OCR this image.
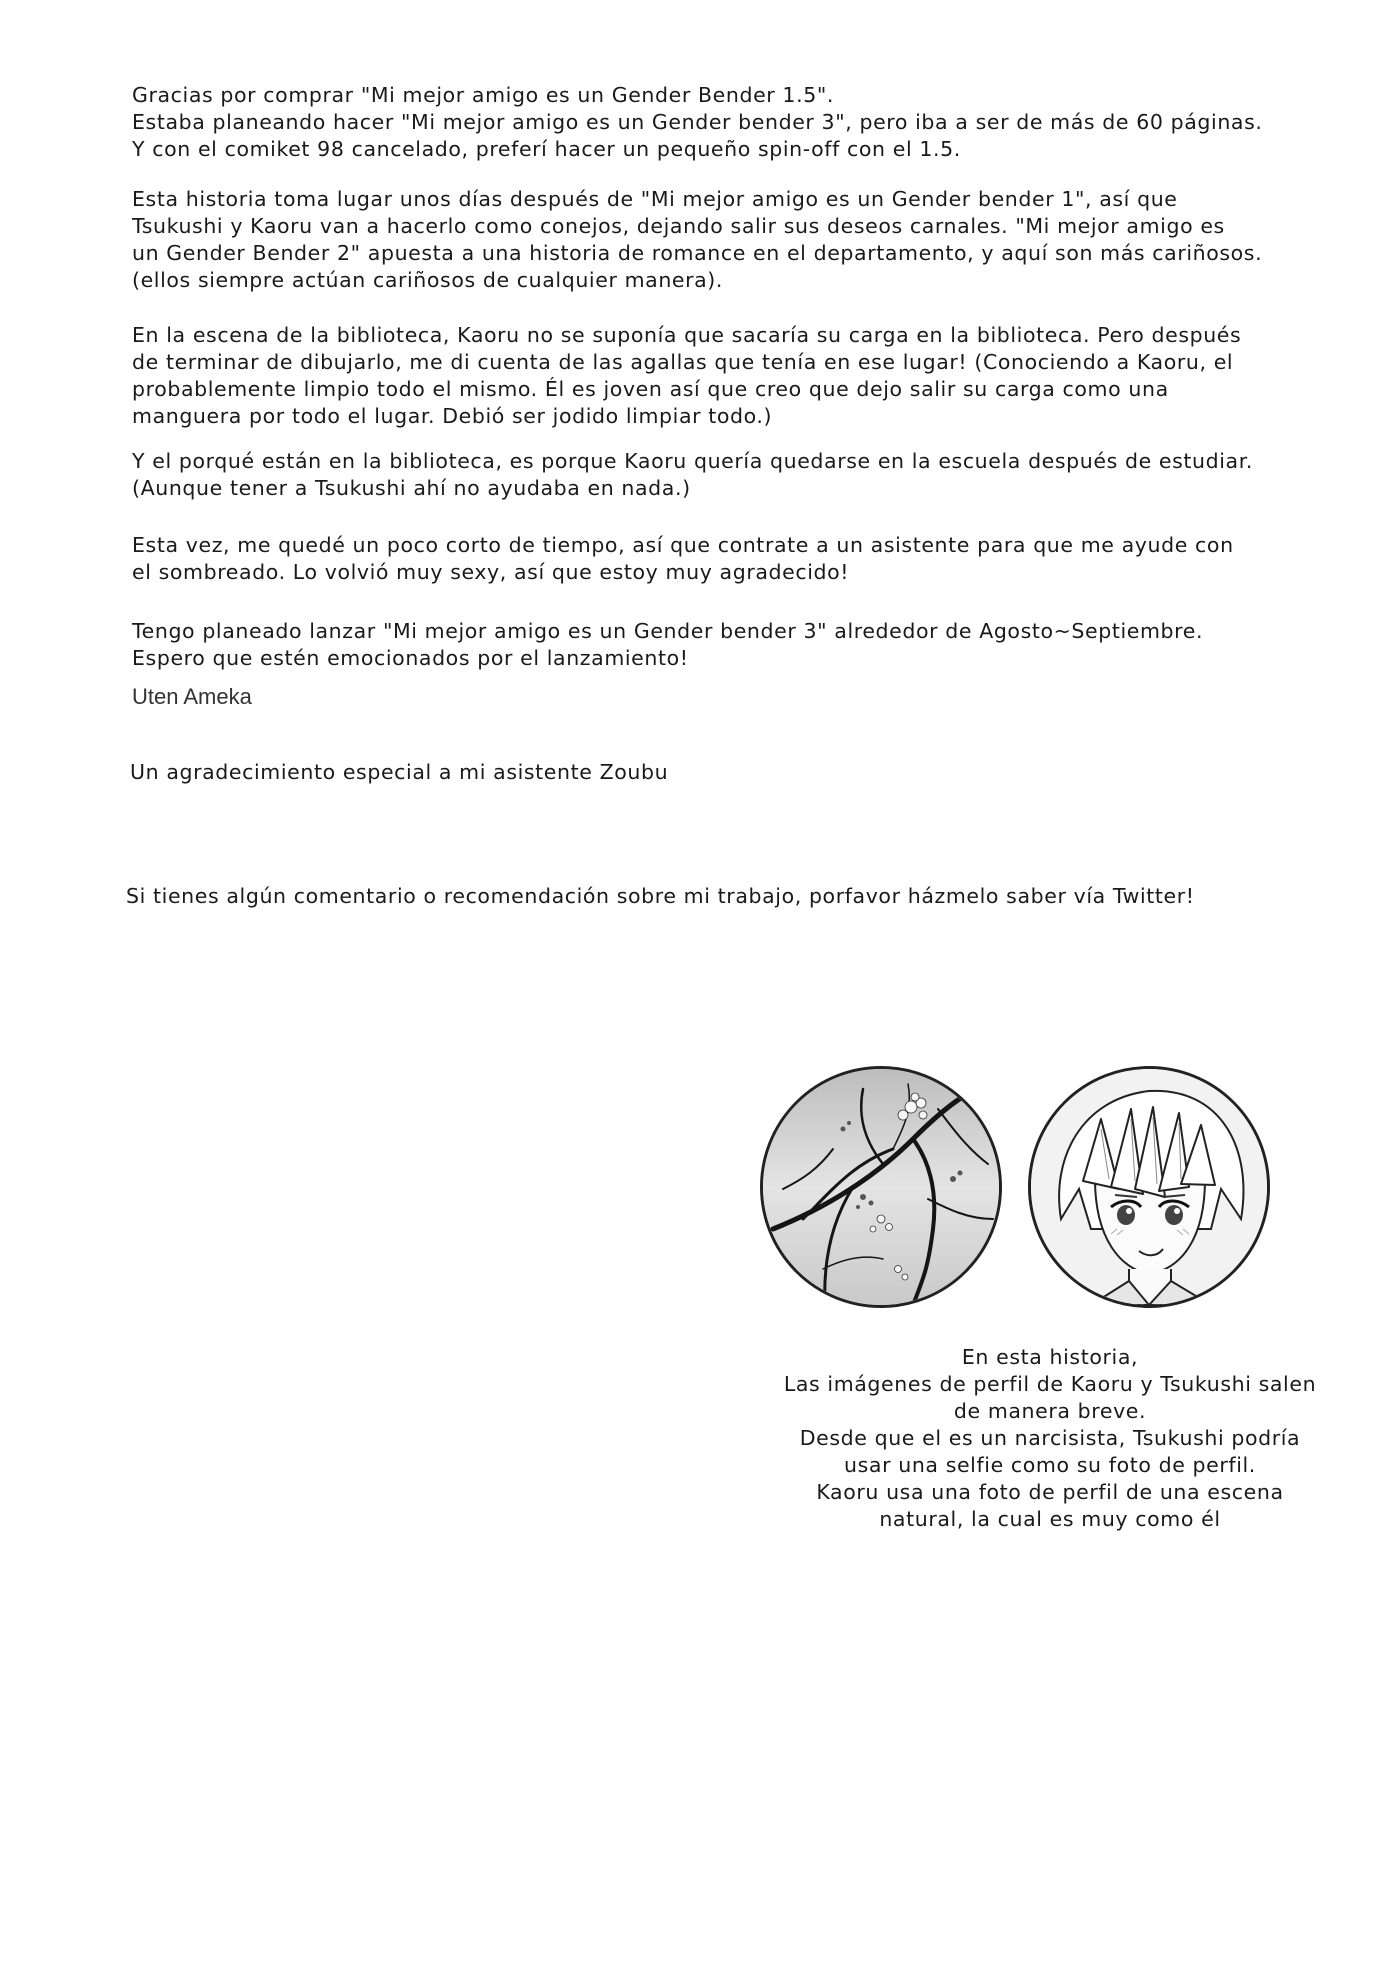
Gracias por comprar "Mi mejor amigo es un Gender Bender 1.5".
Estaba planeando hacer "Mi mejor amigo es un Gender bender 3", pero iba a ser de más de 60 páginas.
Y con el comiket 98 cancelado, preferí hacer un pequeño spin-off con el 1.5.
Esta historia toma lugar unos días después de "Mi mejor amigo es un Gender bender 1", así que
Tsukushi y Kaoru van a hacerlo como conejos, dejando salir sus deseos carnales. "Mi mejor amigo es
un Gender Bender 2" apuesta a una historia de romance en el departamento, y aquí son más cariñosos.
(ellos siempre actúan cariñosos de cualquier manera).
En la escena de la biblioteca, Kaoru no se suponía que sacaría su carga en la biblioteca. Pero después
de terminar de dibujarlo, me di cuenta de las agallas que tenía en ese lugar! (Conociendo a Kaoru, el
probablemente limpio todo el mismo. Él es joven así que creo que dejo salir su carga como una
manguera por todo el lugar. Debió ser jodido limpiar todo.)
Y el porqué están en la biblioteca, es porque Kaoru quería quedarse en la escuela después de estudiar.
(Aunque tener a Tsukushi ahí no ayudaba en nada.)
Esta vez, me quedé un poco corto de tiempo, así que contrate a un asistente para que me ayude con
el sombreado. Lo volvió muy sexy, así que estoy muy agradecido!
Tengo planeado lanzar "Mi mejor amigo es un Gender bender 3" alrededor de Agosto~Septiembre.
Espero que estén emocionados por el lanzamiento!
Uten Ameka
Un agradecimiento especial a mi asistente Zoubu
Si tienes algún comentario o recomendación sobre mi trabajo, porfavor házmelo saber vía Twitter!
En esta historia,
Las imágenes de perfil de Kaoru y Tsukushi salen
de manera breve.
Desde que el es un narcisista, Tsukushi podría
usar una selfie como su foto de perfil.
Kaoru usa una foto de perfil de una escena
natural, la cual es muy como él
